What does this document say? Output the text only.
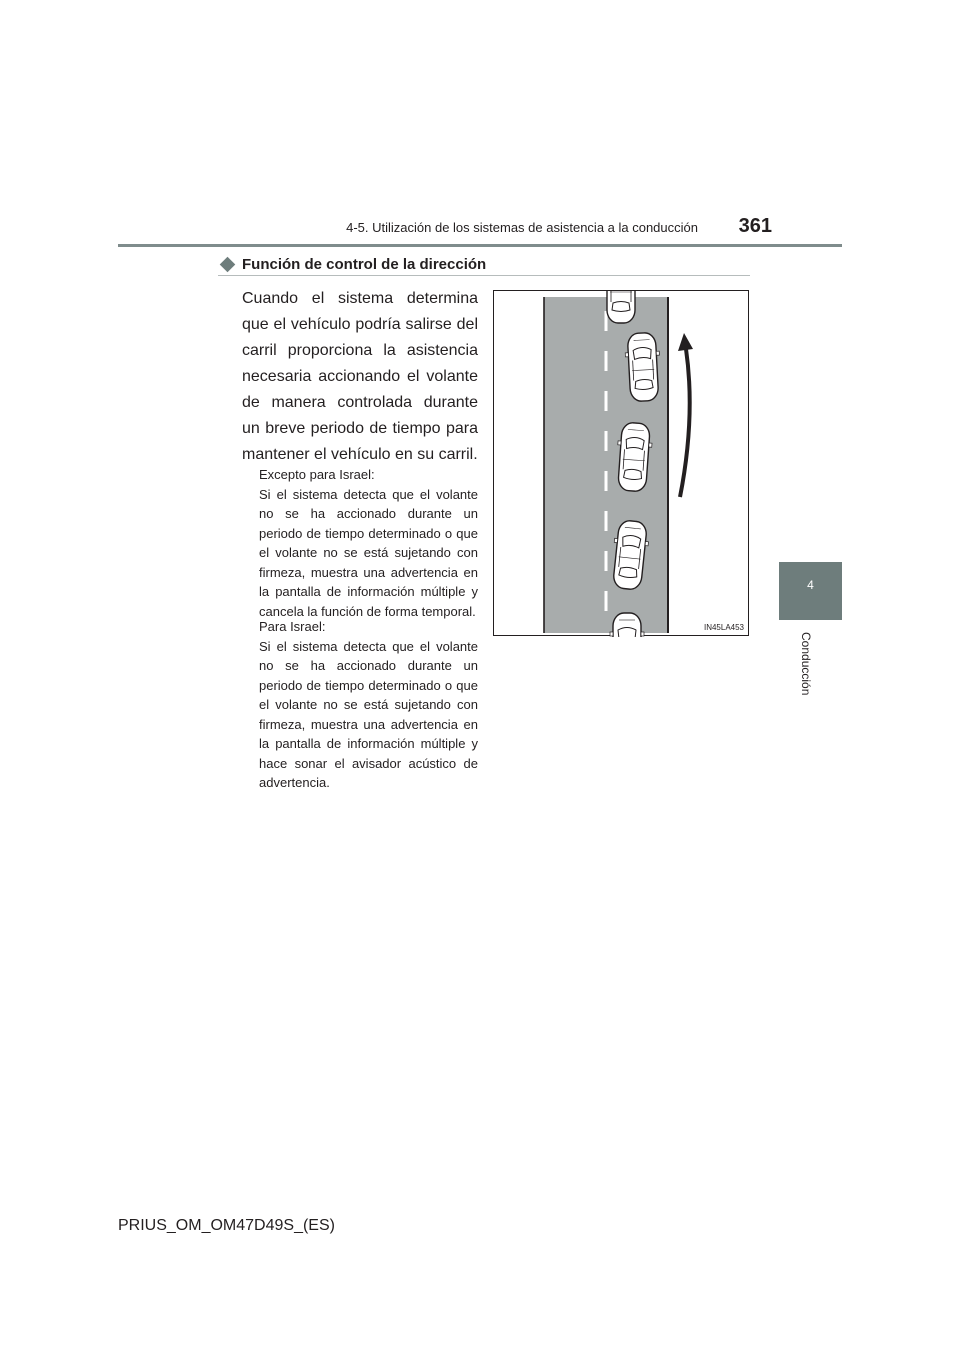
4-5. Utilización de los sistemas de asistencia a la conducción	361
4
Conducción
Función de control de la dirección
Cuando el sistema determina que el vehículo podría salirse del carril proporciona la asistencia necesaria accionando el volante de manera controlada durante un breve periodo de tiempo para mantener el vehículo en su carril.

Excepto para Israel:

Si el sistema detecta que el volante no se ha accionado durante un periodo de tiempo determinado o que el volante no se está sujetando con firmeza, muestra una advertencia en la pantalla de información múltiple y cancela la función de forma temporal.

Para Israel:

Si el sistema detecta que el volante no se ha accionado durante un periodo de tiempo determinado o que el volante no se está sujetando con firmeza, muestra una advertencia en la pantalla de información múltiple y hace sonar el avisador acústico de advertencia.

IN45LA453
PRIUS_OM_OM47D49S_(ES)
